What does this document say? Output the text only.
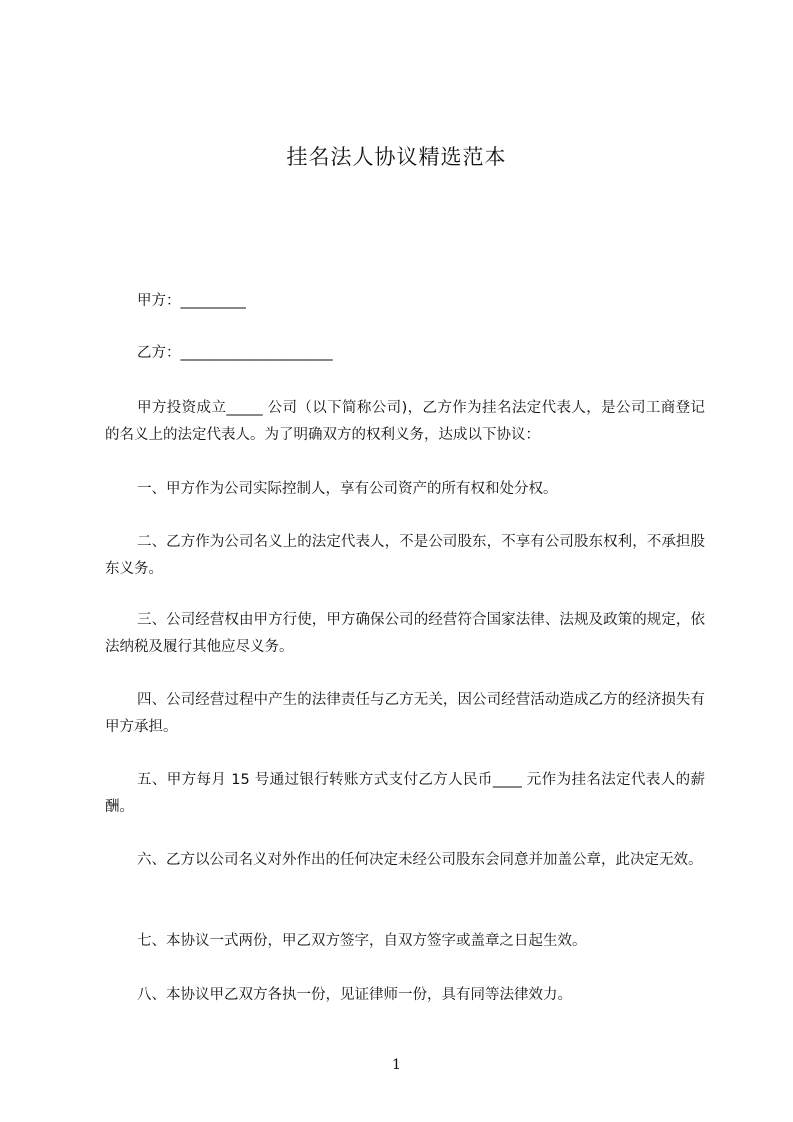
挂名法人协议精选范本

甲方：_________

乙方：_____________________

甲方投资成立_____ 公司（以下简称公司)，乙方作为挂名法定代表人，是公司工商登记的名义上的法定代表人。为了明确双方的权利义务，达成以下协议：

一、甲方作为公司实际控制人，享有公司资产的所有权和处分权。

二、乙方作为公司名义上的法定代表人，不是公司股东，不享有公司股东权利，不承担股东义务。

三、公司经营权由甲方行使，甲方确保公司的经营符合国家法律、法规及政策的规定，依法纳税及履行其他应尽义务。

四、公司经营过程中产生的法律责任与乙方无关，因公司经营活动造成乙方的经济损失有甲方承担。

五、甲方每月 15 号通过银行转账方式支付乙方人民币____ 元作为挂名法定代表人的薪酬。

六、乙方以公司名义对外作出的任何决定未经公司股东会同意并加盖公章，此决定无效。

七、本协议一式两份，甲乙双方签字，自双方签字或盖章之日起生效。

八、本协议甲乙双方各执一份，见证律师一份，具有同等法律效力。

1
